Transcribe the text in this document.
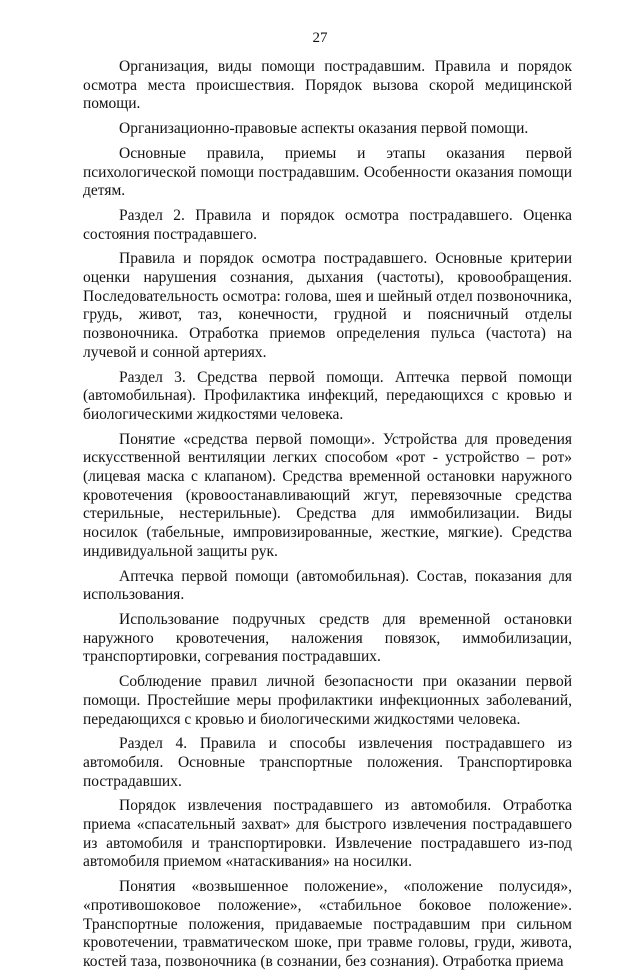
27

Организация, виды помощи пострадавшим. Правила и порядок осмотра места происшествия. Порядок вызова скорой медицинской помощи.

Организационно-правовые аспекты оказания первой помощи.

Основные правила, приемы и этапы оказания первой психологической помощи пострадавшим. Особенности оказания помощи детям.

Раздел 2. Правила и порядок осмотра пострадавшего. Оценка состояния пострадавшего.

Правила и порядок осмотра пострадавшего. Основные критерии оценки нарушения сознания, дыхания (частоты), кровообращения. Последовательность осмотра: голова, шея и шейный отдел позвоночника, грудь, живот, таз, конечности, грудной и поясничный отделы позвоночника. Отработка приемов определения пульса (частота) на лучевой и сонной артериях.

Раздел 3. Средства первой помощи. Аптечка первой помощи (автомобильная). Профилактика инфекций, передающихся с кровью и биологическими жидкостями человека.

Понятие «средства первой помощи». Устройства для проведения искусственной вентиляции легких способом «рот - устройство – рот» (лицевая маска с клапаном). Средства временной остановки наружного кровотечения (кровоостанавливающий жгут, перевязочные средства стерильные, нестерильные). Средства для иммобилизации. Виды носилок (табельные, импровизированные, жесткие, мягкие). Средства индивидуальной защиты рук.

Аптечка первой помощи (автомобильная). Состав, показания для использования.

Использование подручных средств для временной остановки наружного кровотечения, наложения повязок, иммобилизации, транспортировки, согревания пострадавших.

Соблюдение правил личной безопасности при оказании первой помощи. Простейшие меры профилактики инфекционных заболеваний, передающихся с кровью и биологическими жидкостями человека.

Раздел 4. Правила и способы извлечения пострадавшего из автомобиля. Основные транспортные положения. Транспортировка пострадавших.

Порядок извлечения пострадавшего из автомобиля. Отработка приема «спасательный захват» для быстрого извлечения пострадавшего из автомобиля и транспортировки. Извлечение пострадавшего из-под автомобиля приемом «натаскивания» на носилки.

Понятия «возвышенное положение», «положение полусидя», «противошоковое положение», «стабильное боковое положение». Транспортные положения, придаваемые пострадавшим при сильном кровотечении, травматическом шоке, при травме головы, груди, живота, костей таза, позвоночника (в сознании, без сознания). Отработка приема
